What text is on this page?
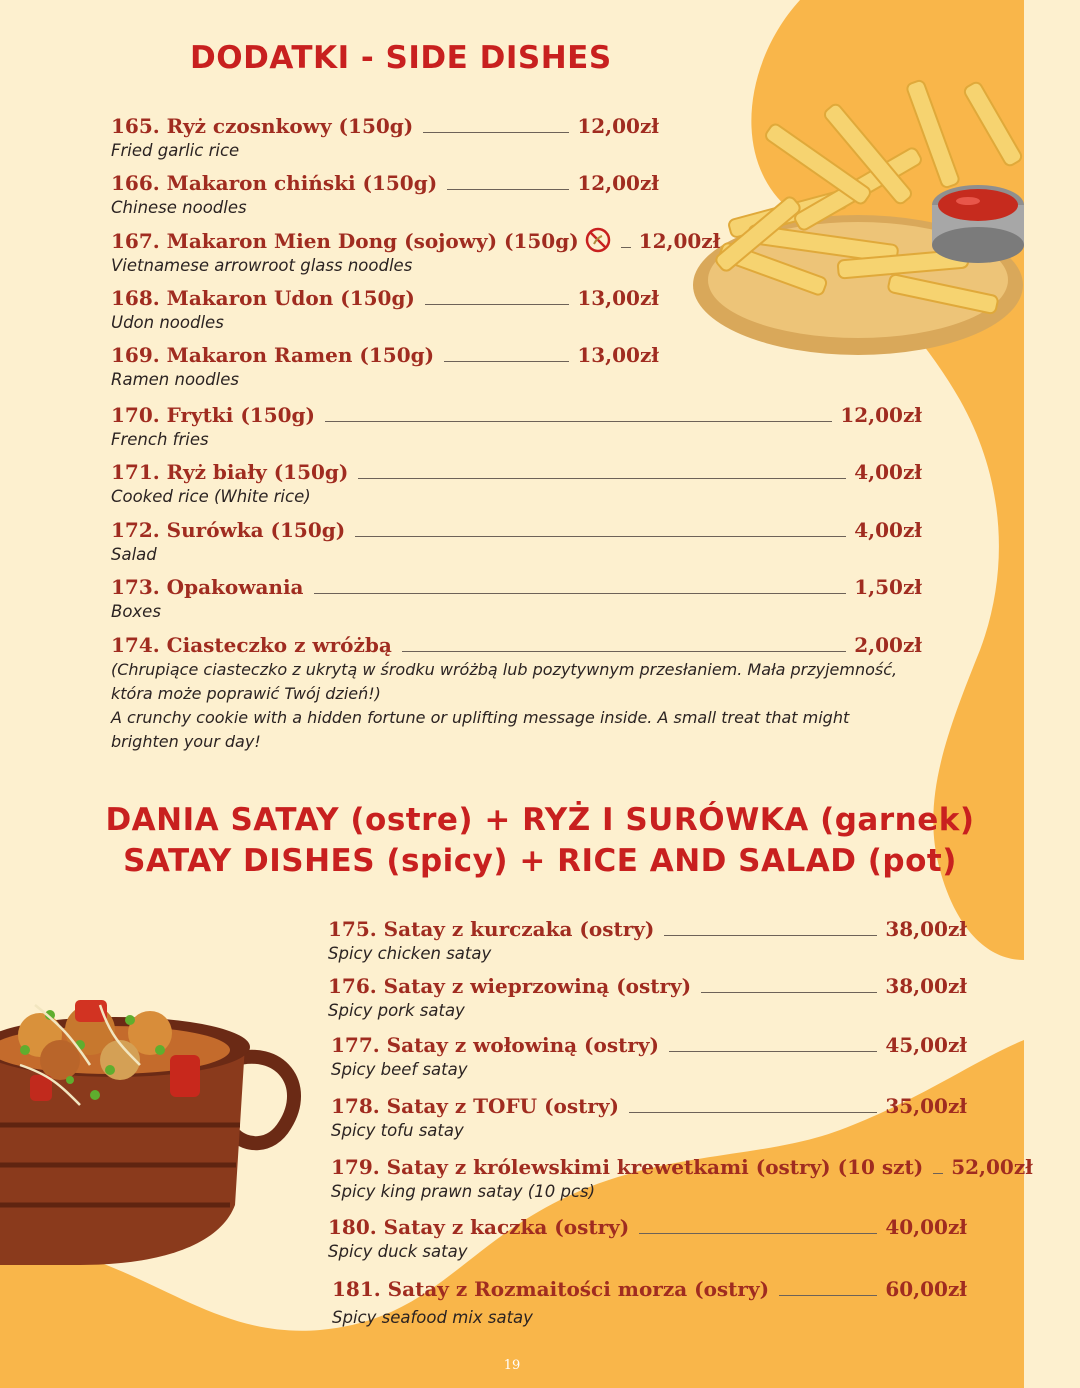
DODATKI - SIDE DISHES
165. Ryż czosnkowy (150g)	12,00zł
Fried garlic rice
166. Makaron chiński (150g)	12,00zł
Chinese noodles
167. Makaron Mien Dong (sojowy) (150g)	12,00zł
Vietnamese arrowroot glass noodles
168. Makaron Udon (150g)	13,00zł
Udon noodles
169. Makaron Ramen (150g)	13,00zł
Ramen noodles
170. Frytki (150g)	12,00zł
French fries
171. Ryż biały (150g)	4,00zł
Cooked rice (White rice)
172. Surówka (150g)	4,00zł
Salad
173. Opakowania	1,50zł
Boxes
174. Ciasteczko z wróżbą	2,00zł
(Chrupiące ciasteczko z ukrytą w środku wróżbą lub pozytywnym przesłaniem. Mała przyjemność, która może poprawić Twój dzień!)
A crunchy cookie with a hidden fortune or uplifting message inside. A small treat that might brighten your day!
DANIA SATAY (ostre) + RYŻ I SURÓWKA (garnek)
SATAY DISHES (spicy) + RICE AND SALAD (pot)
175. Satay z kurczaka (ostry)	38,00zł
Spicy chicken satay
176. Satay z wieprzowiną (ostry)	38,00zł
Spicy pork satay
177. Satay z wołowiną (ostry)	45,00zł
Spicy beef satay
178. Satay z TOFU (ostry)	35,00zł
Spicy tofu satay
179. Satay z królewskimi krewetkami (ostry) (10 szt) 52,00zł
Spicy king prawn satay (10 pcs)
180. Satay z kaczka (ostry)	40,00zł
Spicy duck satay
181. Satay z Rozmaitości morza (ostry)	60,00zł
Spicy seafood mix satay
19
